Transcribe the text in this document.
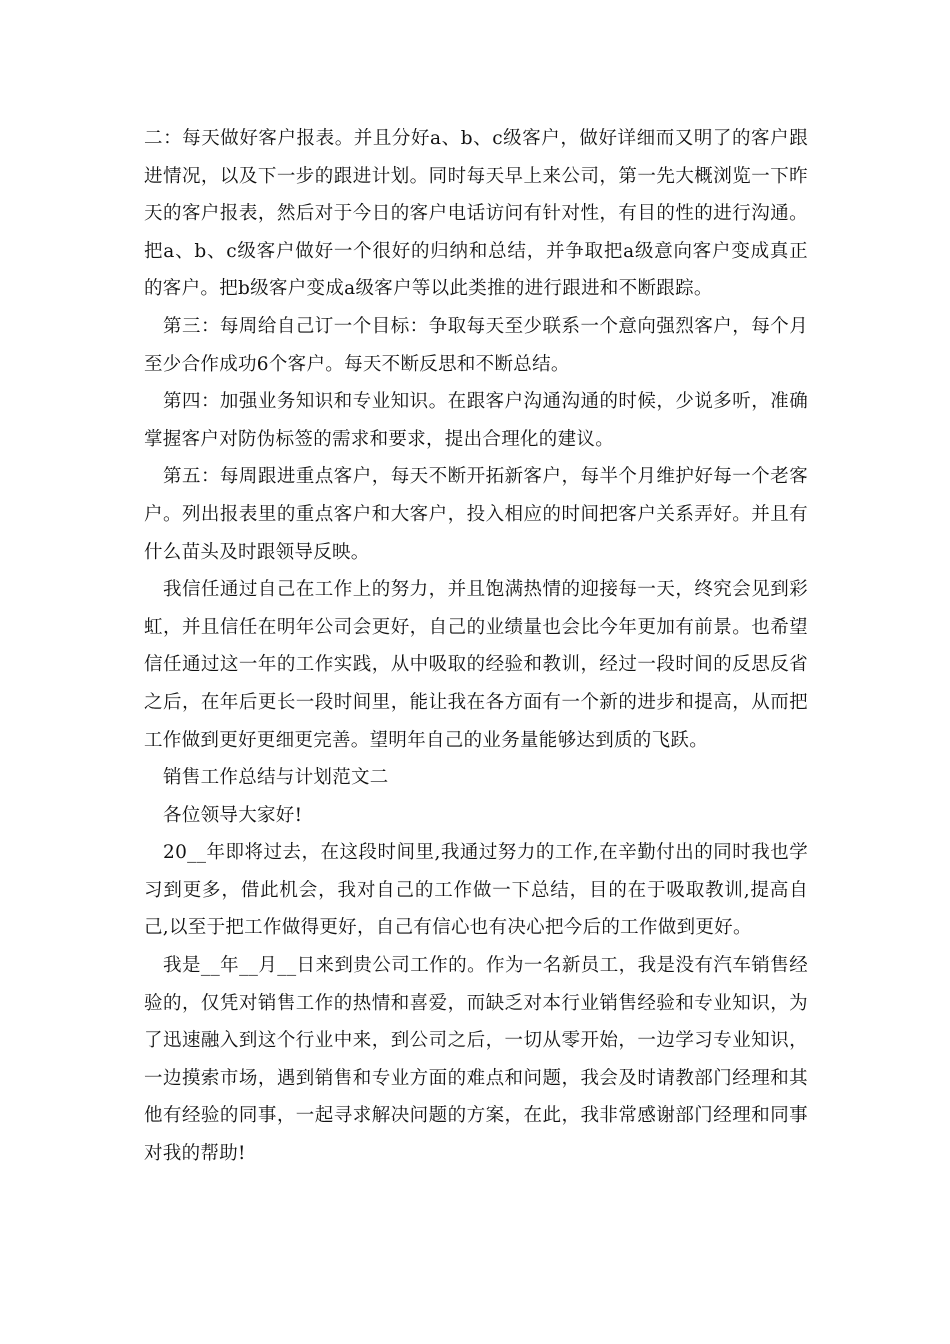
二：每天做好客户报表。并且分好a、b、c级客户，做好详细而又明了的客户跟进情况，以及下一步的跟进计划。同时每天早上来公司，第一先大概浏览一下昨天的客户报表，然后对于今日的客户电话访问有针对性，有目的性的进行沟通。把a、b、c级客户做好一个很好的归纳和总结，并争取把a级意向客户变成真正的客户。把b级客户变成a级客户等以此类推的进行跟进和不断跟踪。

第三：每周给自己订一个目标：争取每天至少联系一个意向强烈客户，每个月至少合作成功6个客户。每天不断反思和不断总结。

第四：加强业务知识和专业知识。在跟客户沟通沟通的时候，少说多听，准确掌握客户对防伪标签的需求和要求，提出合理化的建议。

第五：每周跟进重点客户，每天不断开拓新客户，每半个月维护好每一个老客户。列出报表里的重点客户和大客户，投入相应的时间把客户关系弄好。并且有什么苗头及时跟领导反映。

我信任通过自己在工作上的努力，并且饱满热情的迎接每一天，终究会见到彩虹，并且信任在明年公司会更好，自己的业绩量也会比今年更加有前景。也希望信任通过这一年的工作实践，从中吸取的经验和教训，经过一段时间的反思反省之后，在年后更长一段时间里，能让我在各方面有一个新的进步和提高，从而把工作做到更好更细更完善。望明年自己的业务量能够达到质的飞跃。

销售工作总结与计划范文二

各位领导大家好!

20__年即将过去，在这段时间里,我通过努力的工作,在辛勤付出的同时我也学习到更多，借此机会，我对自己的工作做一下总结，目的在于吸取教训,提高自己,以至于把工作做得更好，自己有信心也有决心把今后的工作做到更好。

我是__年__月__日来到贵公司工作的。作为一名新员工，我是没有汽车销售经验的，仅凭对销售工作的热情和喜爱，而缺乏对本行业销售经验和专业知识，为了迅速融入到这个行业中来，到公司之后，一切从零开始，一边学习专业知识，一边摸索市场，遇到销售和专业方面的难点和问题，我会及时请教部门经理和其他有经验的同事，一起寻求解决问题的方案，在此，我非常感谢部门经理和同事对我的帮助!
